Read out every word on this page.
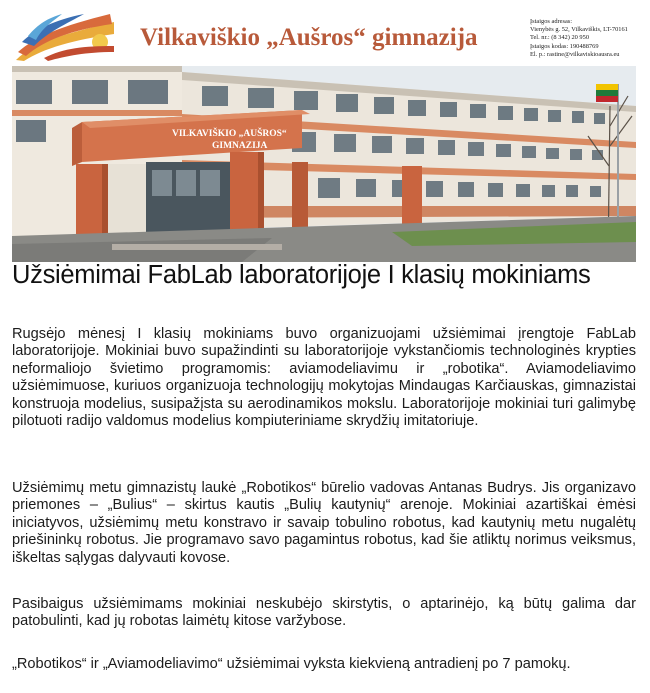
Vilkaviškio „Aušros“ gimnazija
Įstaigos adresas:
Vienybės g. 52, Vilkaviškis, LT-70161
Tel. nr.: (8 342) 20 950
Įstaigos kodas: 190488769
El. p.: rastine@vilkaviskioausra.eu
VILKAVIŠKIO „AUŠROS“
GIMNAZIJA
Užsiėmimai FabLab laboratorijoje I klasių mokiniams

Rugsėjo mėnesį I klasių mokiniams buvo organizuojami užsiėmimai įrengtoje FabLab laboratorijoje. Mokiniai buvo supažindinti su laboratorijoje vykstančiomis technologinės krypties neformaliojo švietimo programomis: aviamodeliavimu ir „robotika“. Aviamodeliavimo užsiėmimuose, kuriuos organizuoja technologijų mokytojas Mindaugas Karčiauskas, gimnazistai konstruoja modelius, susipažįsta su aerodinamikos mokslu. Laboratorijoje mokiniai turi galimybę pilotuoti radijo valdomus modelius kompiuteriniame skrydžių imitatoriuje.

Užsiėmimų metu gimnazistų laukė „Robotikos“ būrelio vadovas Antanas Budrys. Jis organizavo priemones – „Bulius“ – skirtus kautis „Bulių kautynių“ arenoje. Mokiniai azartiškai ėmėsi iniciatyvos, užsiėmimų metu konstravo ir savaip tobulino robotus, kad kautynių metu nugalėtų priešininkų robotus. Jie programavo savo pagamintus robotus, kad šie atliktų norimus veiksmus, iškeltas sąlygas dalyvauti kovose.

Pasibaigus užsiėmimams mokiniai neskubėjo skirstytis, o aptarinėjo, ką būtų galima dar patobulinti, kad jų robotas laimėtų kitose varžybose.

„Robotikos“ ir „Aviamodeliavimo“ užsiėmimai vyksta kiekvieną antradienį po 7 pamokų.
